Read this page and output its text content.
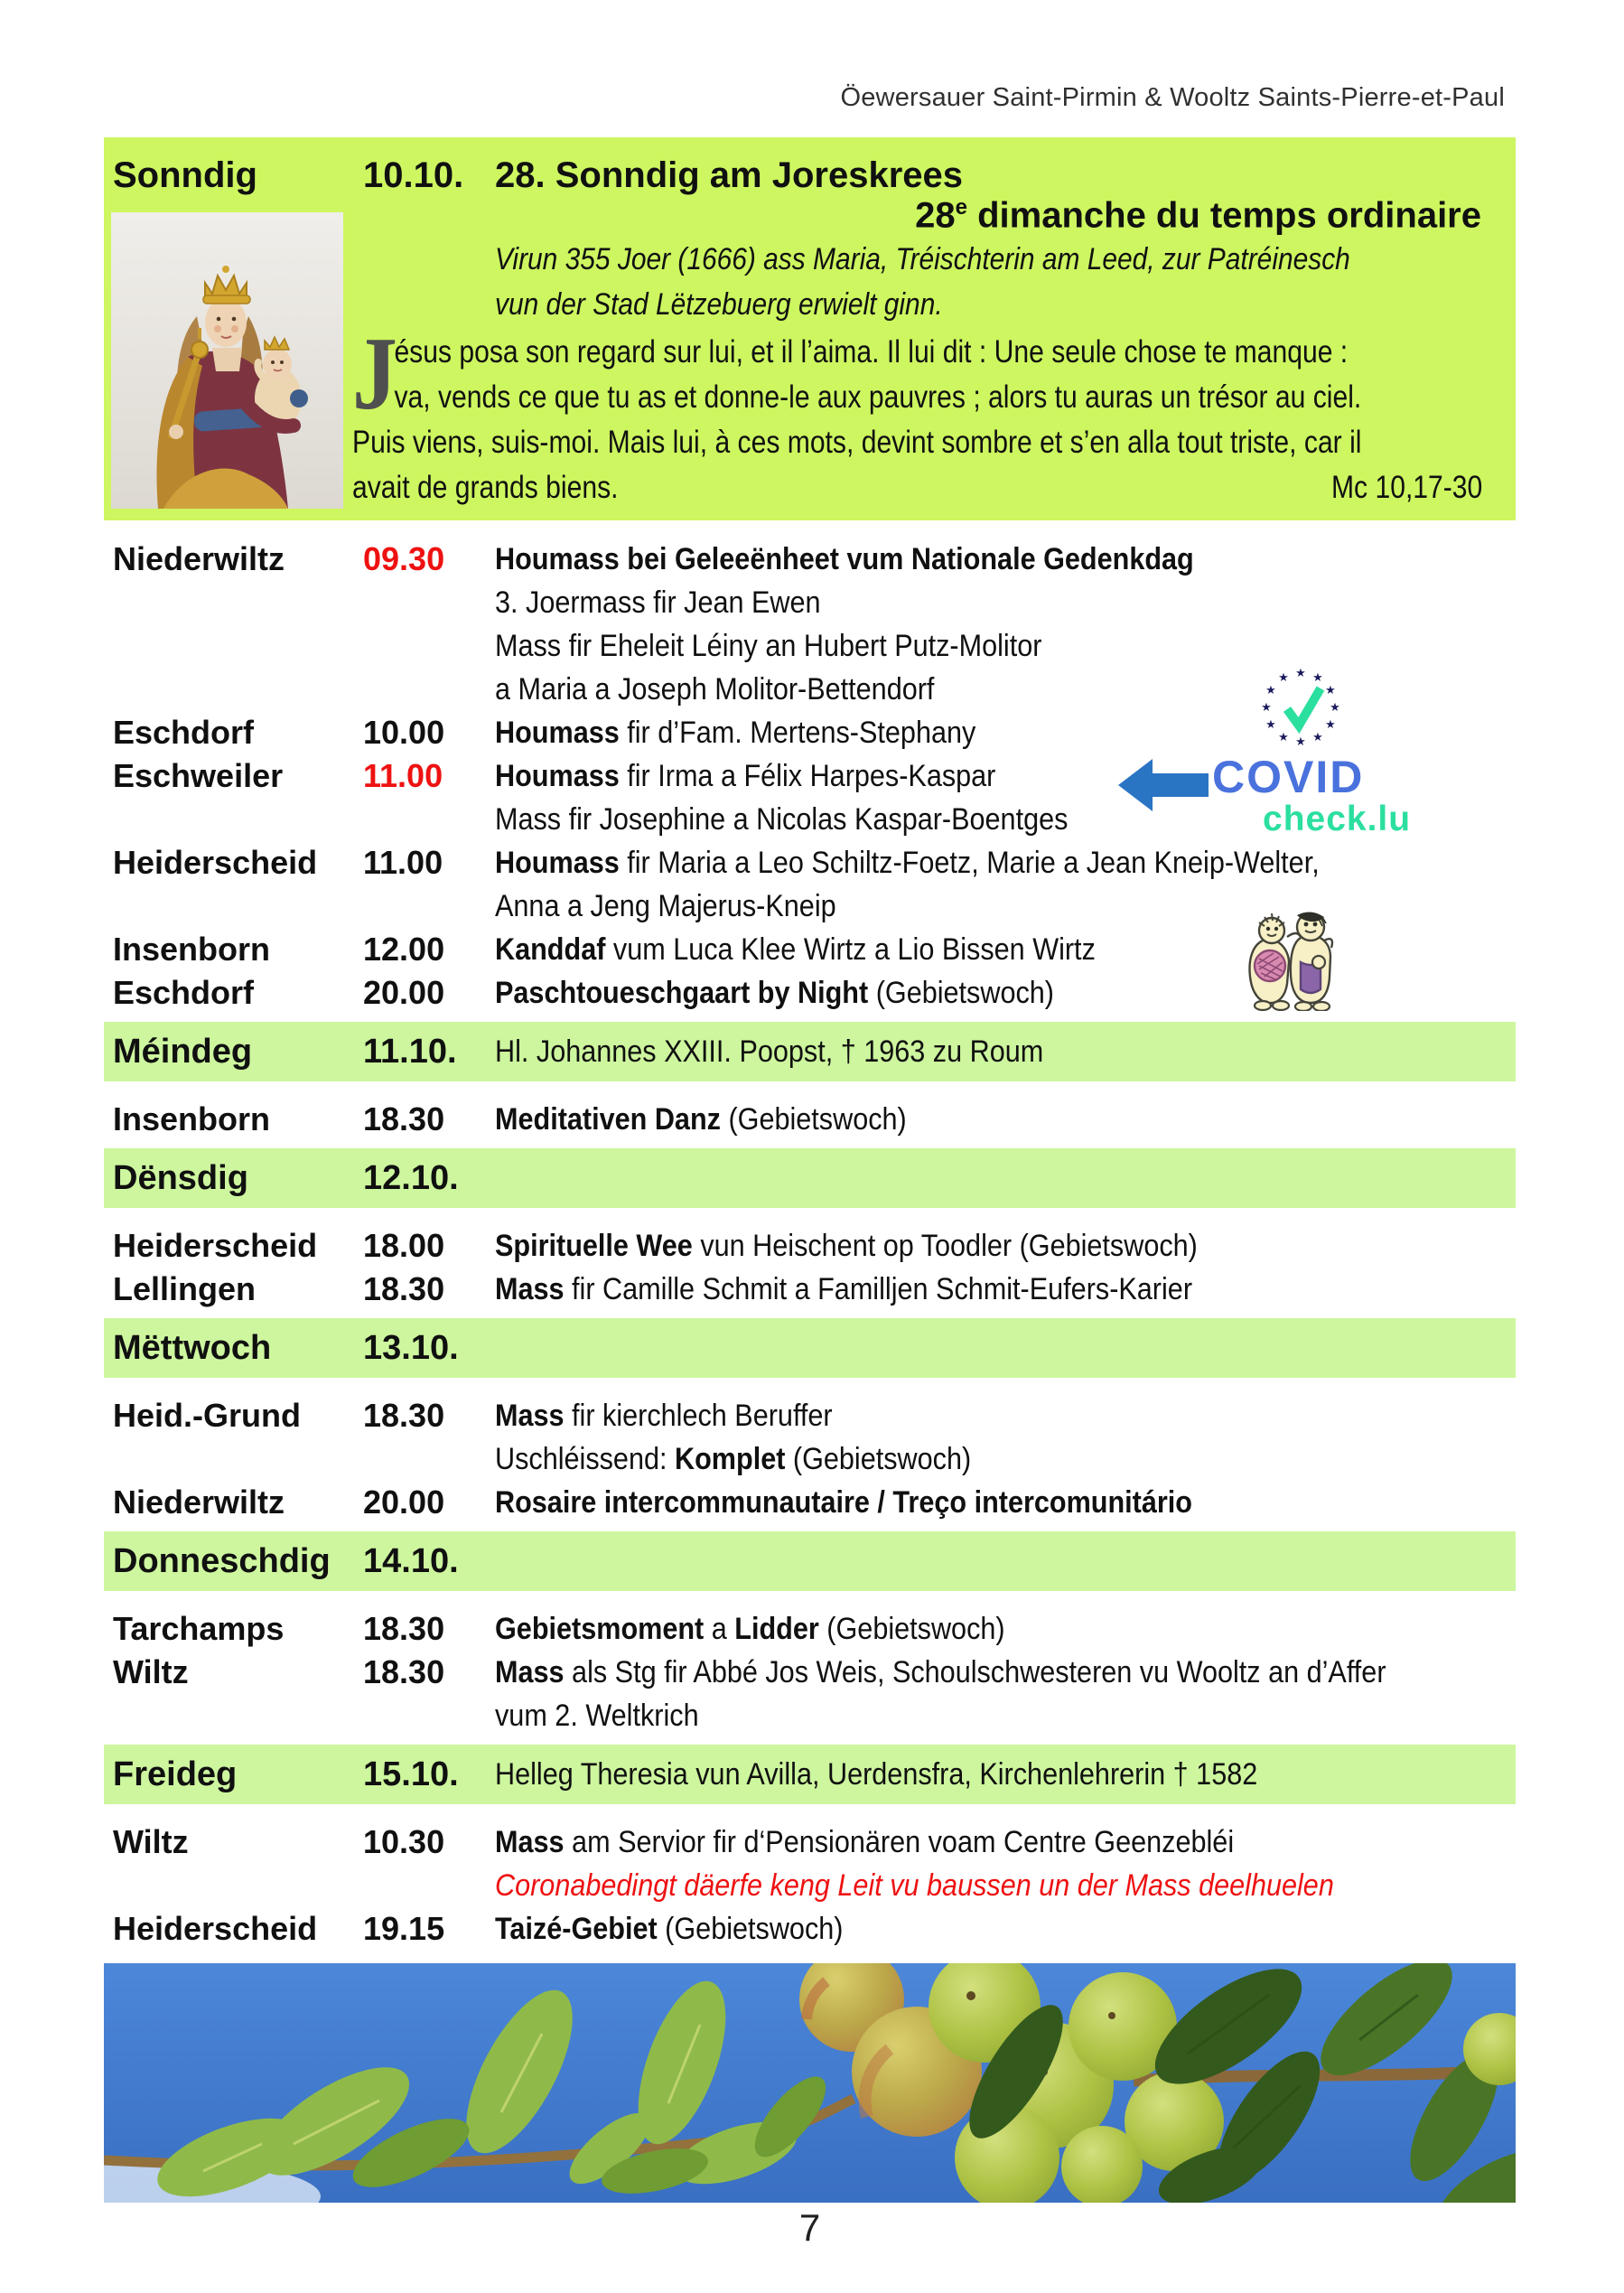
Öewersauer Saint-Pirmin & Wooltz Saints-Pierre-et-Paul
Sonndig	10.10. 28. Sonndig am Joreskrees
28e dimanche du temps ordinaire
Virun 355 Joer (1666) ass Maria, Tréischterin am Leed, zur Patréinesch
vun der Stad Lëtzebuerg erwielt ginn.
J
ésus posa son regard sur lui, et il l’aima. Il lui dit : Une seule chose te manque :
va, vends ce que tu as et donne-le aux pauvres ; alors tu auras un trésor au ciel.
Puis viens, suis-moi. Mais lui, à ces mots, devint sombre et s’en alla tout triste, car il
avait de grands biens.	Mc 10,17-30
Niederwiltz	09.30	Houmass bei Geleeënheet vum Nationale Gedenkdag
3. Joermass fir Jean Ewen
Mass fir Eheleit Léiny an Hubert Putz-Molitor
a Maria a Joseph Molitor-Bettendorf
Eschdorf	10.00	Houmass fir d’Fam. Mertens-Stephany
Eschweiler	11.00	Houmass fir Irma a Félix Harpes-Kaspar
Mass fir Josephine a Nicolas Kaspar-Boentges
Heiderscheid	11.00	Houmass fir Maria a Leo Schiltz-Foetz, Marie a Jean Kneip-Welter,
Anna a Jeng Majerus-Kneip
Insenborn	12.00	Kanddaf vum Luca Klee Wirtz a Lio Bissen Wirtz
Eschdorf	20.00	Paschtoueschgaart by Night (Gebietswoch)
Méindeg	11.10.	Hl. Johannes XXIII. Poopst, † 1963 zu Roum
Insenborn	18.30	Meditativen Danz (Gebietswoch)
Dënsdig	12.10.
Heiderscheid	18.00	Spirituelle Wee vun Heischent op Toodler (Gebietswoch)
Lellingen	18.30	Mass fir Camille Schmit a Familljen Schmit-Eufers-Karier
Mëttwoch	13.10.
Heid.-Grund	18.30	Mass fir kierchlech Beruffer
Uschléissend: Komplet (Gebietswoch)
Niederwiltz	20.00	Rosaire intercommunautaire / Treço intercomunitário
Donneschdig 14.10.
Tarchamps	18.30	Gebietsmoment a Lidder (Gebietswoch)
Wiltz	18.30	Mass als Stg fir Abbé Jos Weis, Schoulschwesteren vu Wooltz an d’Affer
vum 2. Weltkrich
Freideg	15.10.	Helleg Theresia vun Avilla, Uerdensfra, Kirchenlehrerin † 1582
Wiltz	10.30	Mass am Servior fir d‘Pensionären voam Centre Geenzebléi
Coronabedingt däerfe keng Leit vu baussen un der Mass deelhuelen
Heiderscheid	19.15	Taizé-Gebiet (Gebietswoch)
★ ★
★
★
★
★
★
★
★
★
★
★
COVID
check.lu
7
